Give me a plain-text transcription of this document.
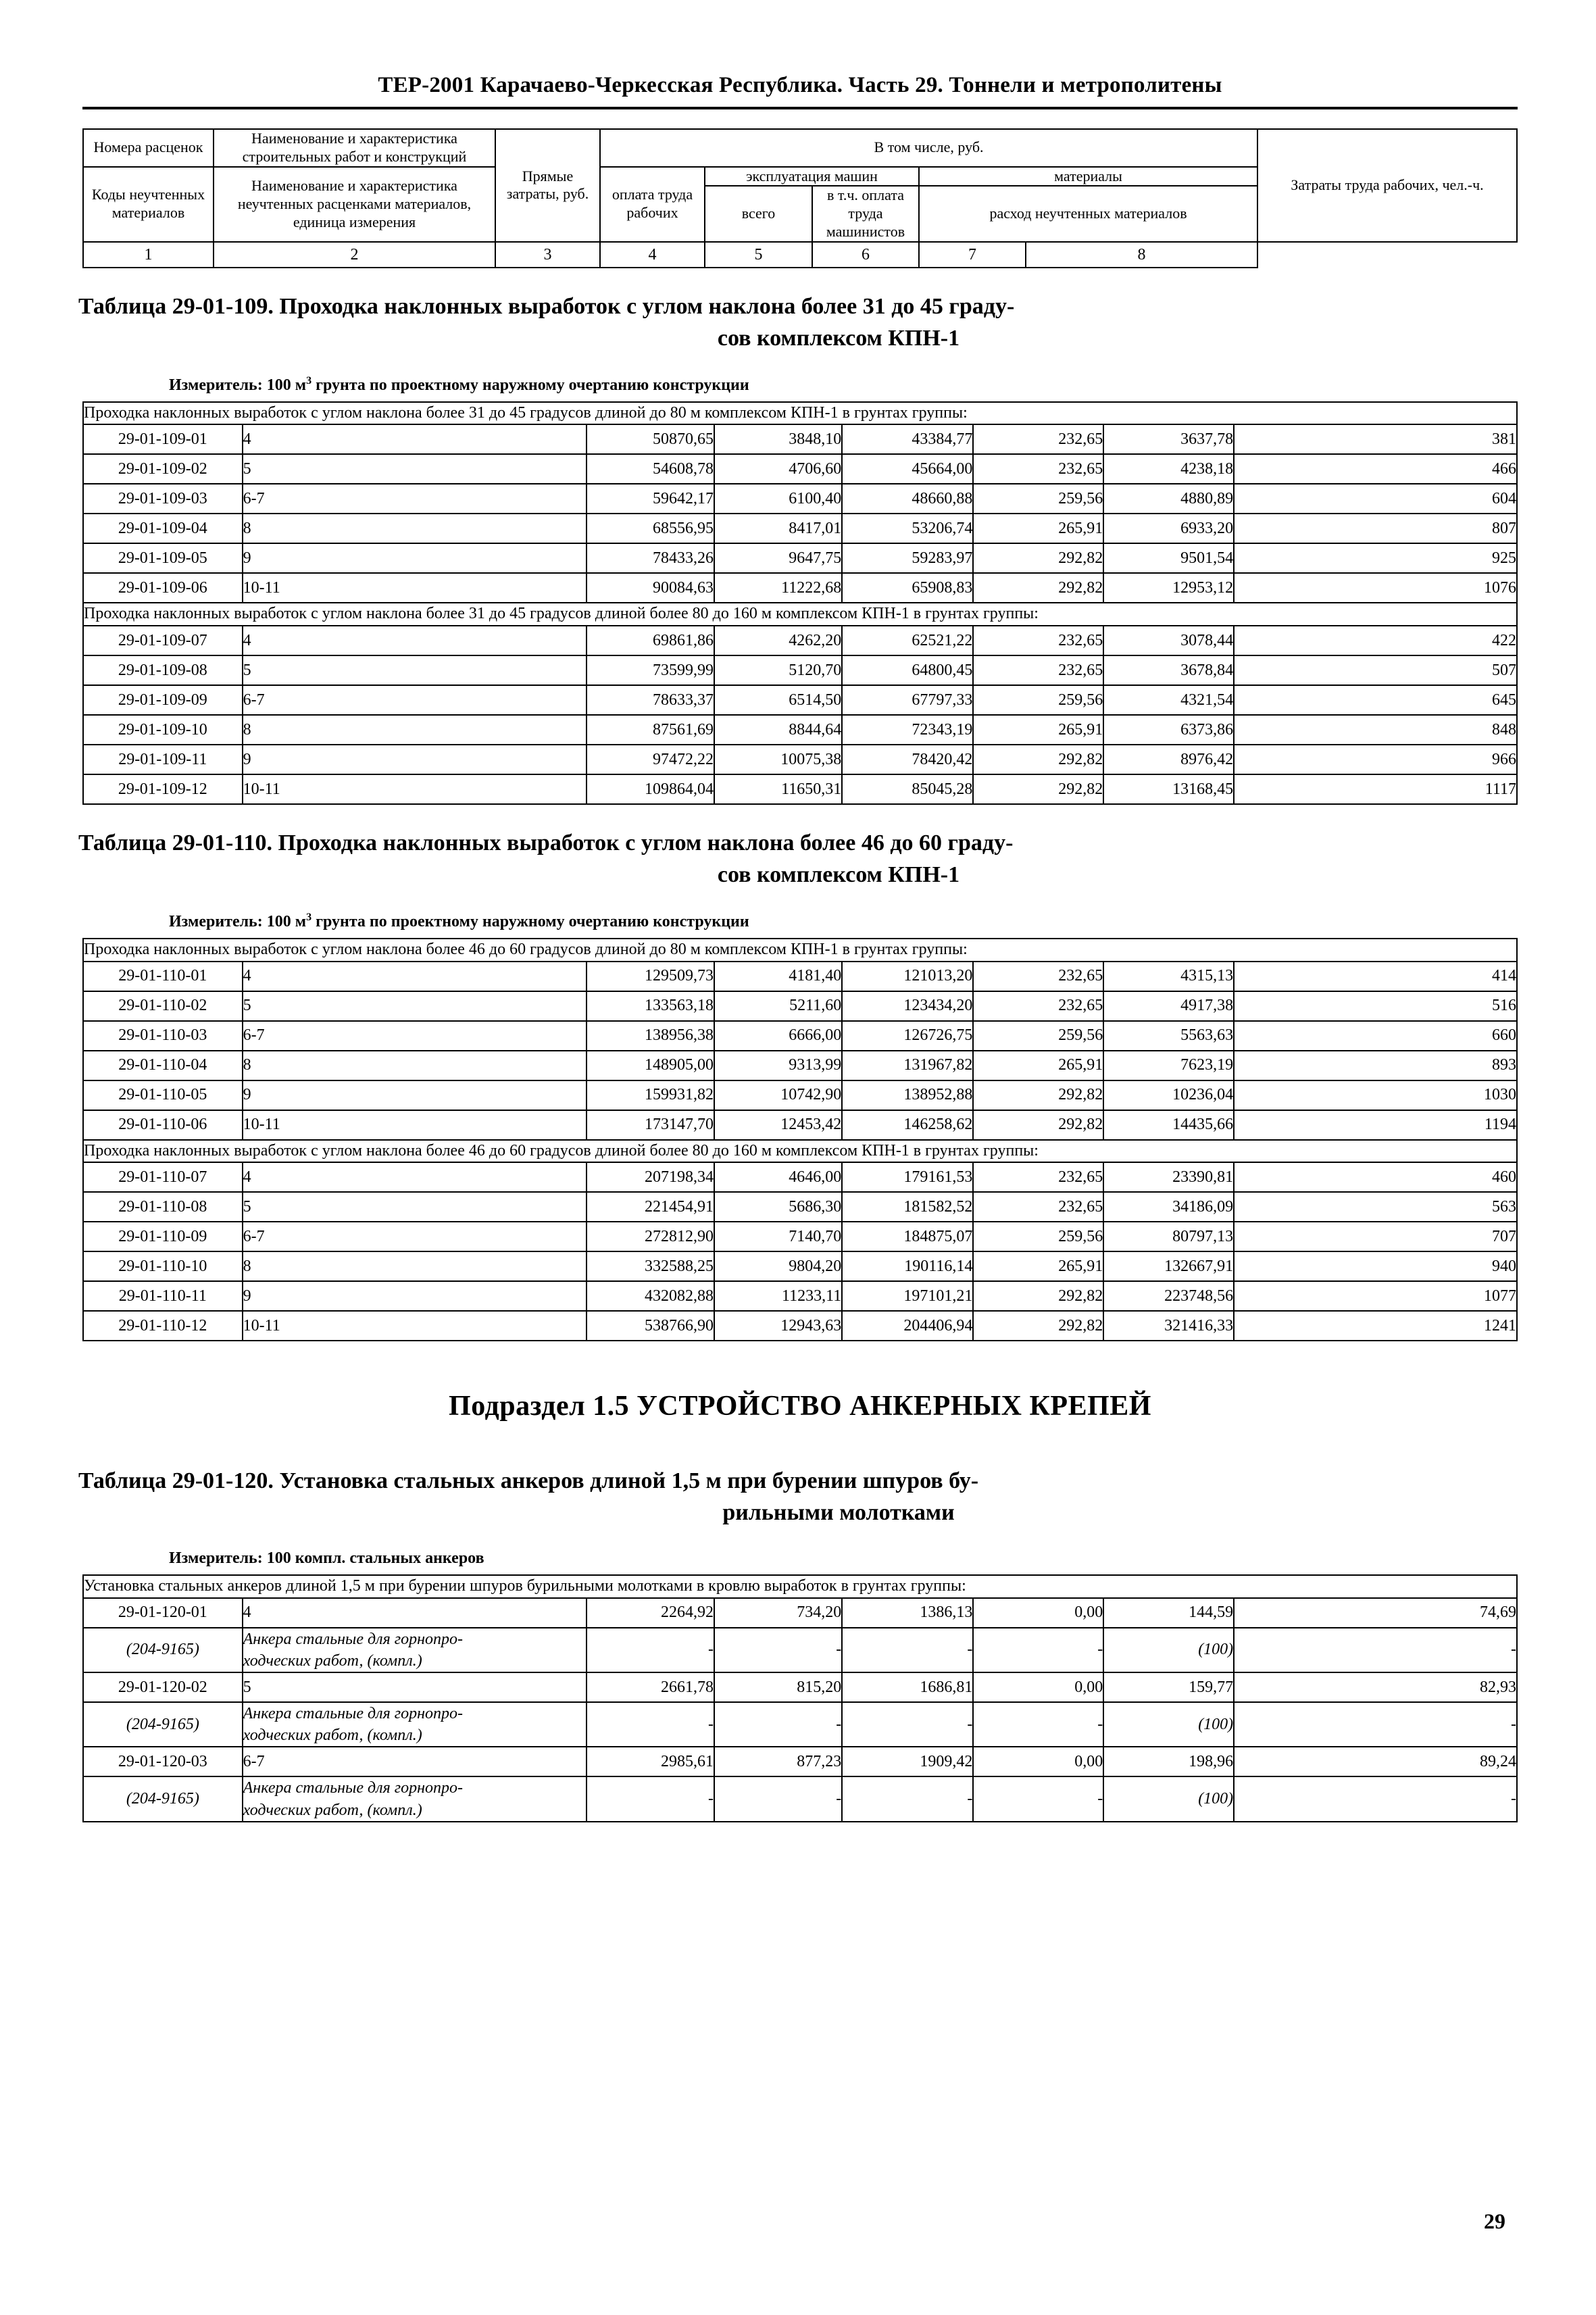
ТЕР-2001 Карачаево-Черкесская Республика. Часть 29. Тоннели и метрополитены
Номера расценок	Наименование и характеристика строительных работ и конструкций	Прямые затраты, руб.	В том числе, руб.					Затраты труда рабочих, чел.-ч.
Коды неучтенных материалов	Наименование и характеристика неучтенных расценками материалов, единица измерения		оплата труда рабочих	эксплуатация машин		материалы		
				всего	в т.ч. оплата труда машинистов	расход неучтенных материалов		
1	2	3	4	5	6	7	8	
Таблица 29-01-109. Проходка наклонных выработок с углом наклона более 31 до 45 граду-
сов комплексом КПН-1
Измеритель: 100 $м^3$ грунта по проектному наружному очертанию конструкции
Проходка наклонных выработок с углом наклона более 31 до 45 градусов длиной до 80 м комплексом КПН-1 в грунтах группы:							
29-01-109-01	4	50870,65	3848,10	43384,77	232,65	3637,78	381
29-01-109-02	5	54608,78	4706,60	45664,00	232,65	4238,18	466
29-01-109-03	6-7	59642,17	6100,40	48660,88	259,56	4880,89	604
29-01-109-04	8	68556,95	8417,01	53206,74	265,91	6933,20	807
29-01-109-05	9	78433,26	9647,75	59283,97	292,82	9501,54	925
29-01-109-06	10-11	90084,63	11222,68	65908,83	292,82	12953,12	1076
Проходка наклонных выработок с углом наклона более 31 до 45 градусов длиной более 80 до 160 м комплексом КПН-1 в грунтах группы:							
29-01-109-07	4	69861,86	4262,20	62521,22	232,65	3078,44	422
29-01-109-08	5	73599,99	5120,70	64800,45	232,65	3678,84	507
29-01-109-09	6-7	78633,37	6514,50	67797,33	259,56	4321,54	645
29-01-109-10	8	87561,69	8844,64	72343,19	265,91	6373,86	848
29-01-109-11	9	97472,22	10075,38	78420,42	292,82	8976,42	966
29-01-109-12	10-11	109864,04	11650,31	85045,28	292,82	13168,45	1117
Таблица 29-01-110. Проходка наклонных выработок с углом наклона более 46 до 60 граду-
сов комплексом КПН-1
Измеритель: 100 $м^3$ грунта по проектному наружному очертанию конструкции
Проходка наклонных выработок с углом наклона более 46 до 60 градусов длиной до 80 м комплексом КПН-1 в грунтах группы:							
29-01-110-01	4	129509,73	4181,40	121013,20	232,65	4315,13	414
29-01-110-02	5	133563,18	5211,60	123434,20	232,65	4917,38	516
29-01-110-03	6-7	138956,38	6666,00	126726,75	259,56	5563,63	660
29-01-110-04	8	148905,00	9313,99	131967,82	265,91	7623,19	893
29-01-110-05	9	159931,82	10742,90	138952,88	292,82	10236,04	1030
29-01-110-06	10-11	173147,70	12453,42	146258,62	292,82	14435,66	1194
Проходка наклонных выработок с углом наклона более 46 до 60 градусов длиной более 80 до 160 м комплексом КПН-1 в грунтах группы:							
29-01-110-07	4	207198,34	4646,00	179161,53	232,65	23390,81	460
29-01-110-08	5	221454,91	5686,30	181582,52	232,65	34186,09	563
29-01-110-09	6-7	272812,90	7140,70	184875,07	259,56	80797,13	707
29-01-110-10	8	332588,25	9804,20	190116,14	265,91	132667,91	940
29-01-110-11	9	432082,88	11233,11	197101,21	292,82	223748,56	1077
29-01-110-12	10-11	538766,90	12943,63	204406,94	292,82	321416,33	1241
Подраздел 1.5 УСТРОЙСТВО АНКЕРНЫХ КРЕПЕЙ
Таблица 29-01-120. Установка стальных анкеров длиной 1,5 м при бурении шпуров бу-
рильными молотками
Измеритель: 100 компл. стальных анкеров
Установка стальных анкеров длиной 1,5 м при бурении шпуров бурильными молотками в кровлю выработок в грунтах группы:							
29-01-120-01	4	2264,92	734,20	1386,13	0,00	144,59	74,69
(204-9165)	Анкера стальные для горнопро-
ходческих работ, (компл.)	-	-	-	-	(100)	-
29-01-120-02	5	2661,78	815,20	1686,81	0,00	159,77	82,93
(204-9165)	Анкера стальные для горнопро-
ходческих работ, (компл.)	-	-	-	-	(100)	-
29-01-120-03	6-7	2985,61	877,23	1909,42	0,00	198,96	89,24
(204-9165)	Анкера стальные для горнопро-
ходческих работ, (компл.)	-	-	-	-	(100)	-
29
